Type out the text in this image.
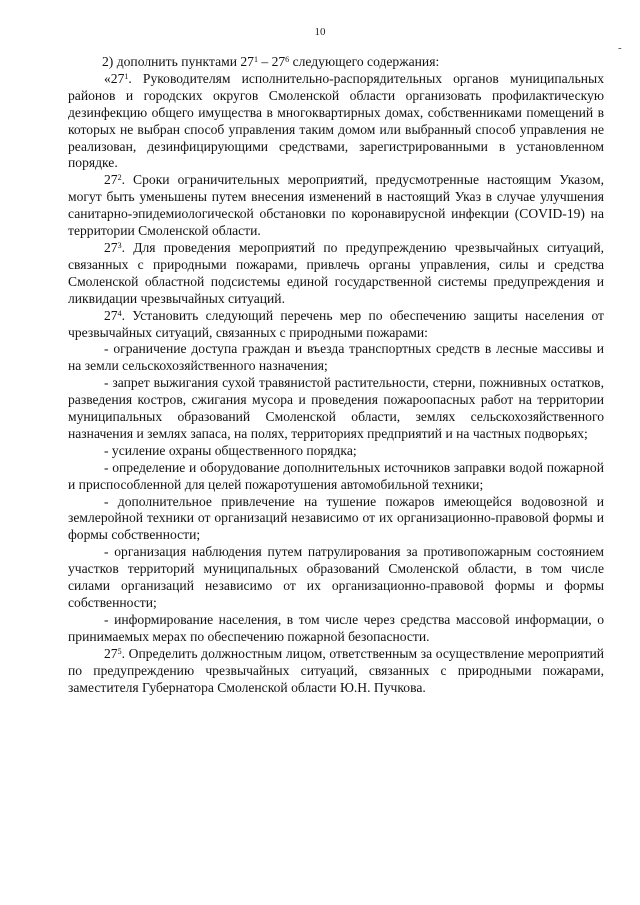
10
-

2) дополнить пунктами $27^1 - 27^6$ следующего содержания:

«$27^1$. Руководителям исполнительно-распорядительных органов муниципальных районов и городских округов Смоленской области организовать профилактическую дезинфекцию общего имущества в многоквартирных домах, собственниками помещений в которых не выбран способ управления таким домом или выбранный способ управления не реализован, дезинфицирующими средствами, зарегистрированными в установленном порядке.

$27^2$. Сроки ограничительных мероприятий, предусмотренные настоящим Указом, могут быть уменьшены путем внесения изменений в настоящий Указ в случае улучшения санитарно-эпидемиологической обстановки по коронавирусной инфекции (COVID-19) на территории Смоленской области.

$27^3$. Для проведения мероприятий по предупреждению чрезвычайных ситуаций, связанных с природными пожарами, привлечь органы управления, силы и средства Смоленской областной подсистемы единой государственной системы предупреждения и ликвидации чрезвычайных ситуаций.

$27^4$. Установить следующий перечень мер по обеспечению защиты населения от чрезвычайных ситуаций, связанных с природными пожарами:

- ограничение доступа граждан и въезда транспортных средств в лесные массивы и на земли сельскохозяйственного назначения;

- запрет выжигания сухой травянистой растительности, стерни, пожнивных остатков, разведения костров, сжигания мусора и проведения пожароопасных работ на территории муниципальных образований Смоленской области, землях сельскохозяйственного назначения и землях запаса, на полях, территориях предприятий и на частных подворьях;

- усиление охраны общественного порядка;

- определение и оборудование дополнительных источников заправки водой пожарной и приспособленной для целей пожаротушения автомобильной техники;

- дополнительное привлечение на тушение пожаров имеющейся водовозной и землеройной техники от организаций независимо от их организационно-правовой формы и формы собственности;

- организация наблюдения путем патрулирования за противопожарным состоянием участков территорий муниципальных образований Смоленской области, в том числе силами организаций независимо от их организационно-правовой формы и формы собственности;

- информирование населения, в том числе через средства массовой информации, о принимаемых мерах по обеспечению пожарной безопасности.

$27^5$. Определить должностным лицом, ответственным за осуществление мероприятий по предупреждению чрезвычайных ситуаций, связанных с природными пожарами, заместителя Губернатора Смоленской области Ю.Н. Пучкова.
